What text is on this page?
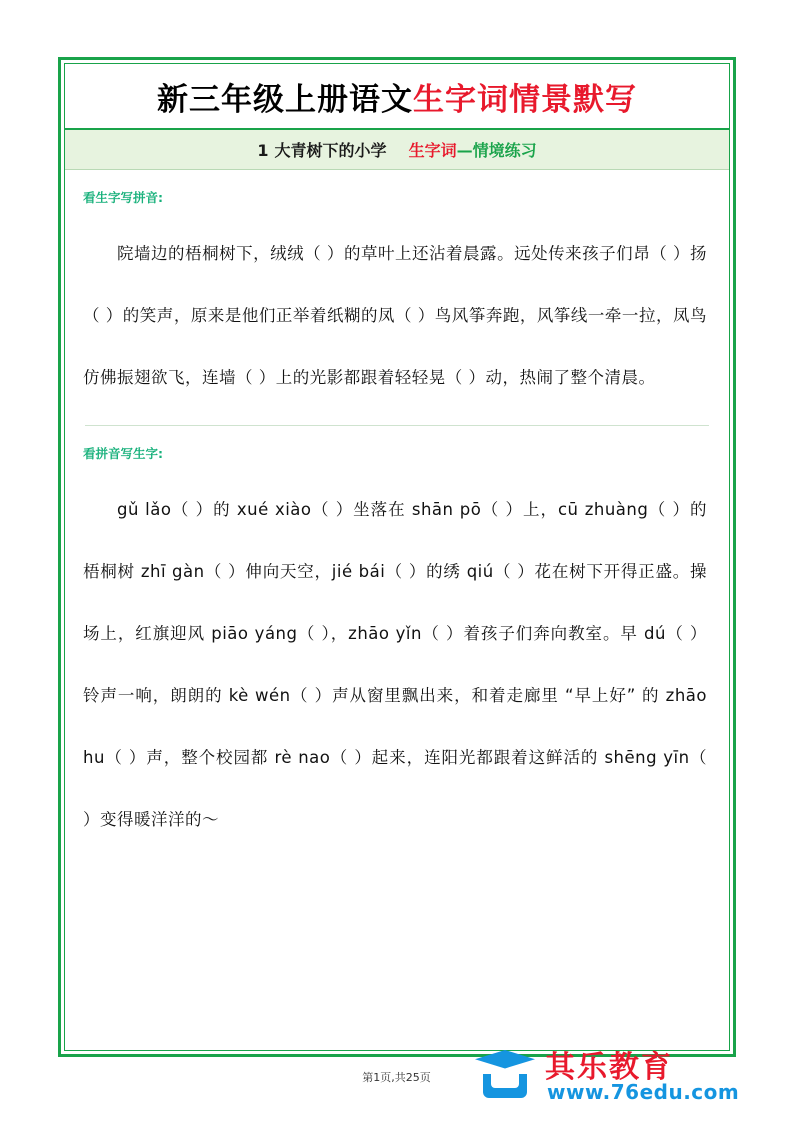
新三年级上册语文生字词情景默写
1 大青树下的小学 生字词—情境练习
看生字写拼音:

院墙边的梧桐树下，绒绒（ ）的草叶上还沾着晨露。远处传来孩子们昂（ ）扬（ ）的笑声，原来是他们正举着纸糊的凤（ ）鸟风筝奔跑，风筝线一牵一拉，凤鸟仿佛振翅欲飞，连墙（ ）上的光影都跟着轻轻晃（ ）动，热闹了整个清晨。

看拼音写生字:

gǔ lǎo（ ）的 xué xiào（ ）坐落在 shān pō（ ）上，cū zhuàng（ ）的梧桐树 zhī gàn（ ）伸向天空，jié bái（ ）的绣 qiú（ ）花在树下开得正盛。操场上，红旗迎风 piāo yáng（ ），zhāo yǐn（ ）着孩子们奔向教室。早 dú（ ）铃声一响，朗朗的 kè wén（ ）声从窗里飘出来，和着走廊里 “早上好” 的 zhāo hu（ ）声，整个校园都 rè nao（ ）起来，连阳光都跟着这鲜活的 shēng yīn（ ）变得暖洋洋的～

第1页,共25页	其乐教育
www.76edu.com
